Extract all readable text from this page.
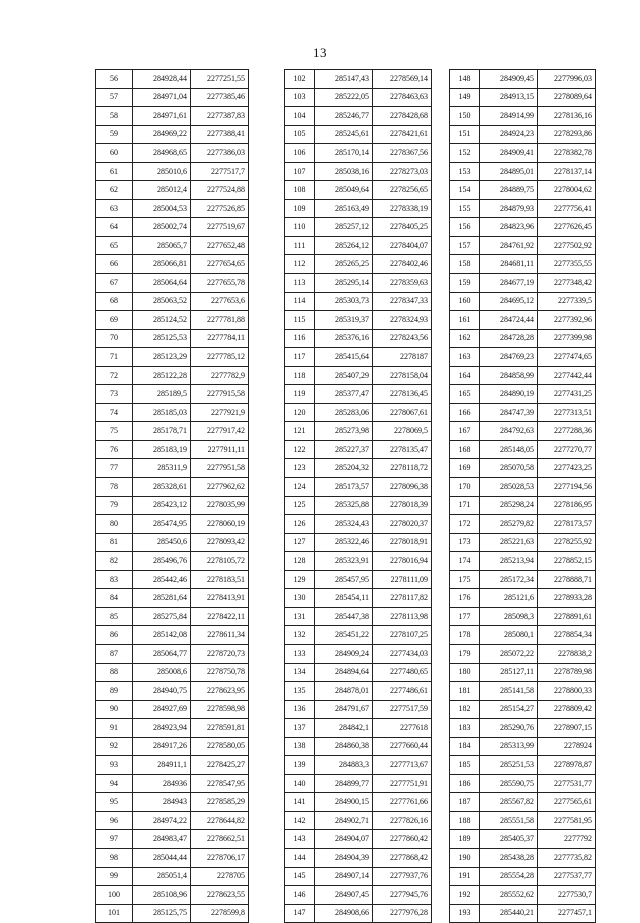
13
56	284928,44	2277251,55
57	284971,04	2277385,46
58	284971,61	2277387,83
59	284969,22	2277388,41
60	284968,65	2277386,03
61	285010,6	2277517,7
62	285012,4	2277524,88
63	285004,53	2277526,85
64	285002,74	2277519,67
65	285065,7	2277652,48
66	285066,81	2277654,65
67	285064,64	2277655,78
68	285063,52	2277653,6
69	285124,52	2277781,88
70	285125,53	2277784,11
71	285123,29	2277785,12
72	285122,28	2277782,9
73	285189,5	2277915,58
74	285185,03	2277921,9
75	285178,71	2277917,42
76	285183,19	2277911,11
77	285311,9	2277951,58
78	285328,61	2277962,62
79	285423,12	2278035,99
80	285474,95	2278060,19
81	285450,6	2278093,42
82	285496,76	2278105,72
83	285442,46	2278183,51
84	285281,64	2278413,91
85	285275,84	2278422,11
86	285142,08	2278611,34
87	285064,77	2278720,73
88	285008,6	2278750,78
89	284940,75	2278623,95
90	284927,69	2278598,98
91	284923,94	2278591,81
92	284917,26	2278580,05
93	284911,1	2278425,27
94	284936	2278547,95
95	284943	2278585,29
96	284974,22	2278644,82
97	284983,47	2278662,51
98	285044,44	2278706,17
99	285051,4	2278705
100	285108,96	2278623,55
101	285125,75	2278599,8
102	285147,43	2278569,14
103	285222,05	2278463,63
104	285246,77	2278428,68
105	285245,61	2278421,61
106	285170,14	2278367,56
107	285038,16	2278273,03
108	285049,64	2278256,65
109	285163,49	2278338,19
110	285257,12	2278405,25
111	285264,12	2278404,07
112	285265,25	2278402,46
113	285295,14	2278359,63
114	285303,73	2278347,33
115	285319,37	2278324,93
116	285376,16	2278243,56
117	285415,64	2278187
118	285407,29	2278158,04
119	285377,47	2278136,45
120	285283,06	2278067,61
121	285273,98	2278069,5
122	285227,37	2278135,47
123	285204,32	2278118,72
124	285173,57	2278096,38
125	285325,88	2278018,39
126	285324,43	2278020,37
127	285322,46	2278018,91
128	285323,91	2278016,94
129	285457,95	2278111,09
130	285454,11	2278117,82
131	285447,38	2278113,98
132	285451,22	2278107,25
133	284909,24	2277434,03
134	284894,64	2277480,65
135	284878,01	2277486,61
136	284791,67	2277517,59
137	284842,1	2277618
138	284860,38	2277660,44
139	284883,3	2277713,67
140	284899,77	2277751,91
141	284900,15	2277761,66
142	284902,71	2277826,16
143	284904,07	2277860,42
144	284904,39	2277868,42
145	284907,14	2277937,76
146	284907,45	2277945,76
147	284908,66	2277976,28
148	284909,45	2277996,03
149	284913,15	2278089,64
150	284914,99	2278136,16
151	284924,23	2278293,86
152	284909,41	2278382,78
153	284895,01	2278137,14
154	284889,75	2278004,62
155	284879,93	2277756,41
156	284823,96	2277626,45
157	284761,92	2277502,92
158	284681,11	2277355,55
159	284677,19	2277348,42
160	284695,12	2277339,5
161	284724,44	2277392,96
162	284728,28	2277399,98
163	284769,23	2277474,65
164	284858,99	2277442,44
165	284890,19	2277431,25
166	284747,39	2277313,51
167	284792,63	2277288,36
168	285148,05	2277270,77
169	285070,58	2277423,25
170	285028,53	2277194,56
171	285298,24	2278186,95
172	285279,82	2278173,57
173	285221,63	2278255,92
174	285213,94	2278852,15
175	285172,34	2278888,71
176	285121,6	2278933,28
177	285098,3	2278891,61
178	285080,1	2278854,34
179	285072,22	2278838,2
180	285127,11	2278789,98
181	285141,58	2278800,33
182	285154,27	2278809,42
183	285290,76	2278907,15
184	285313,99	2278924
185	285251,53	2278978,87
186	285590,75	2277531,77
187	285567,82	2277565,61
188	285551,58	2277581,95
189	285405,37	2277792
190	285438,28	2277735,82
191	285554,28	2277537,77
192	285552,62	2277530,7
193	285440,21	2277457,1
